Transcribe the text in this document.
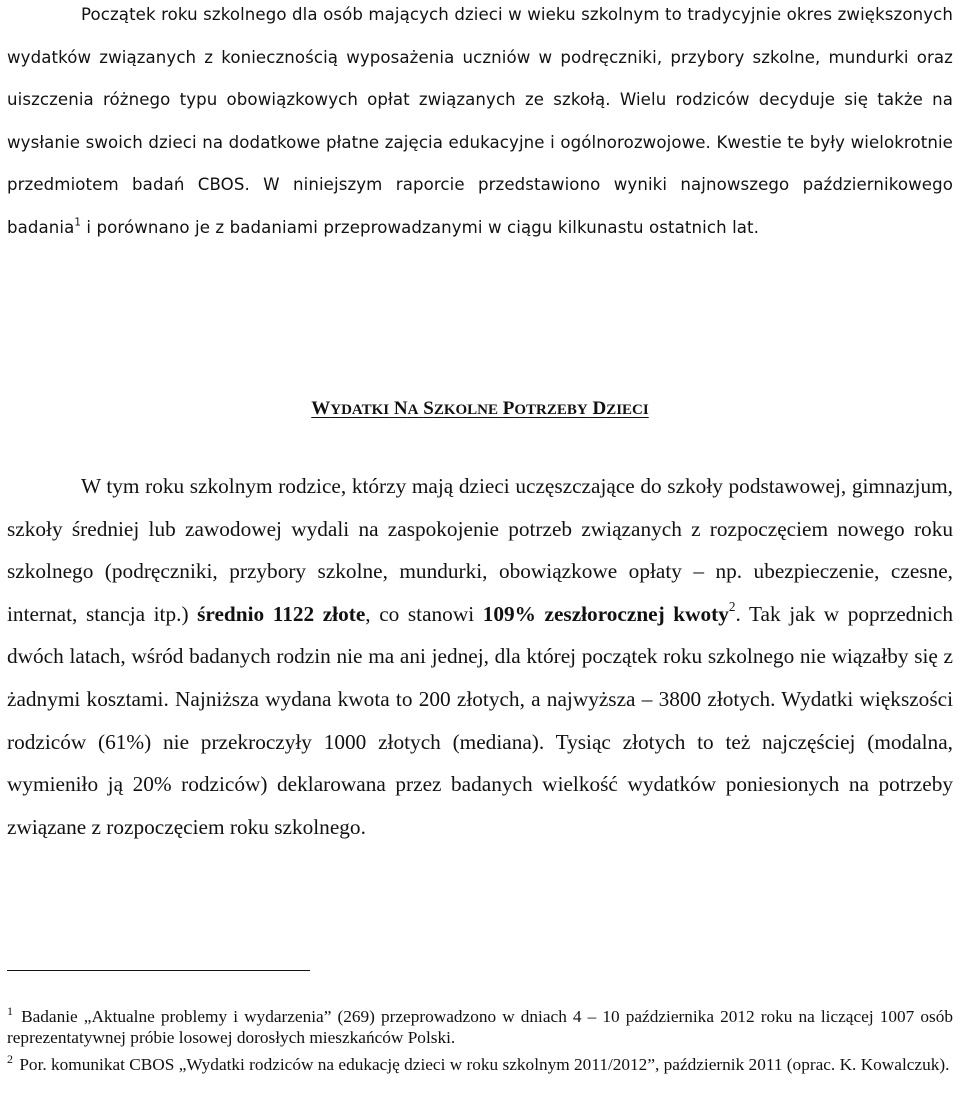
Początek roku szkolnego dla osób mających dzieci w wieku szkolnym to tradycyjnie okres zwiększonych wydatków związanych z koniecznością wyposażenia uczniów w podręczniki, przybory szkolne, mundurki oraz uiszczenia różnego typu obowiązkowych opłat związanych ze szkołą. Wielu rodziców decyduje się także na wysłanie swoich dzieci na dodatkowe płatne zajęcia edukacyjne i ogólnorozwojowe. Kwestie te były wielokrotnie przedmiotem badań CBOS. W niniejszym raporcie przedstawiono wyniki najnowszego październikowego badania$^1$ i porównano je z badaniami przeprowadzanymi w ciągu kilkunastu ostatnich lat.

WYDATKI NA SZKOLNE POTRZEBY DZIECI

W tym roku szkolnym rodzice, którzy mają dzieci uczęszczające do szkoły podstawowej, gimnazjum, szkoły średniej lub zawodowej wydali na zaspokojenie potrzeb związanych z rozpoczęciem nowego roku szkolnego (podręczniki, przybory szkolne, mundurki, obowiązkowe opłaty – np. ubezpieczenie, czesne, internat, stancja itp.) średnio 1122 złote, co stanowi 109% zeszłorocznej kwoty$^2$. Tak jak w poprzednich dwóch latach, wśród badanych rodzin nie ma ani jednej, dla której początek roku szkolnego nie wiązałby się z żadnymi kosztami. Najniższa wydana kwota to 200 złotych, a najwyższa – 3800 złotych. Wydatki większości rodziców (61%) nie przekroczyły 1000 złotych (mediana). Tysiąc złotych to też najczęściej (modalna, wymieniło ją 20% rodziców) deklarowana przez badanych wielkość wydatków poniesionych na potrzeby związane z rozpoczęciem roku szkolnego.

$^1$ Badanie „Aktualne problemy i wydarzenia” (269) przeprowadzono w dniach 4 – 10 października 2012 roku na liczącej 1007 osób reprezentatywnej próbie losowej dorosłych mieszkańców Polski.

$^2$ Por. komunikat CBOS „Wydatki rodziców na edukację dzieci w roku szkolnym 2011/2012”, październik 2011 (oprac. K. Kowalczuk).
